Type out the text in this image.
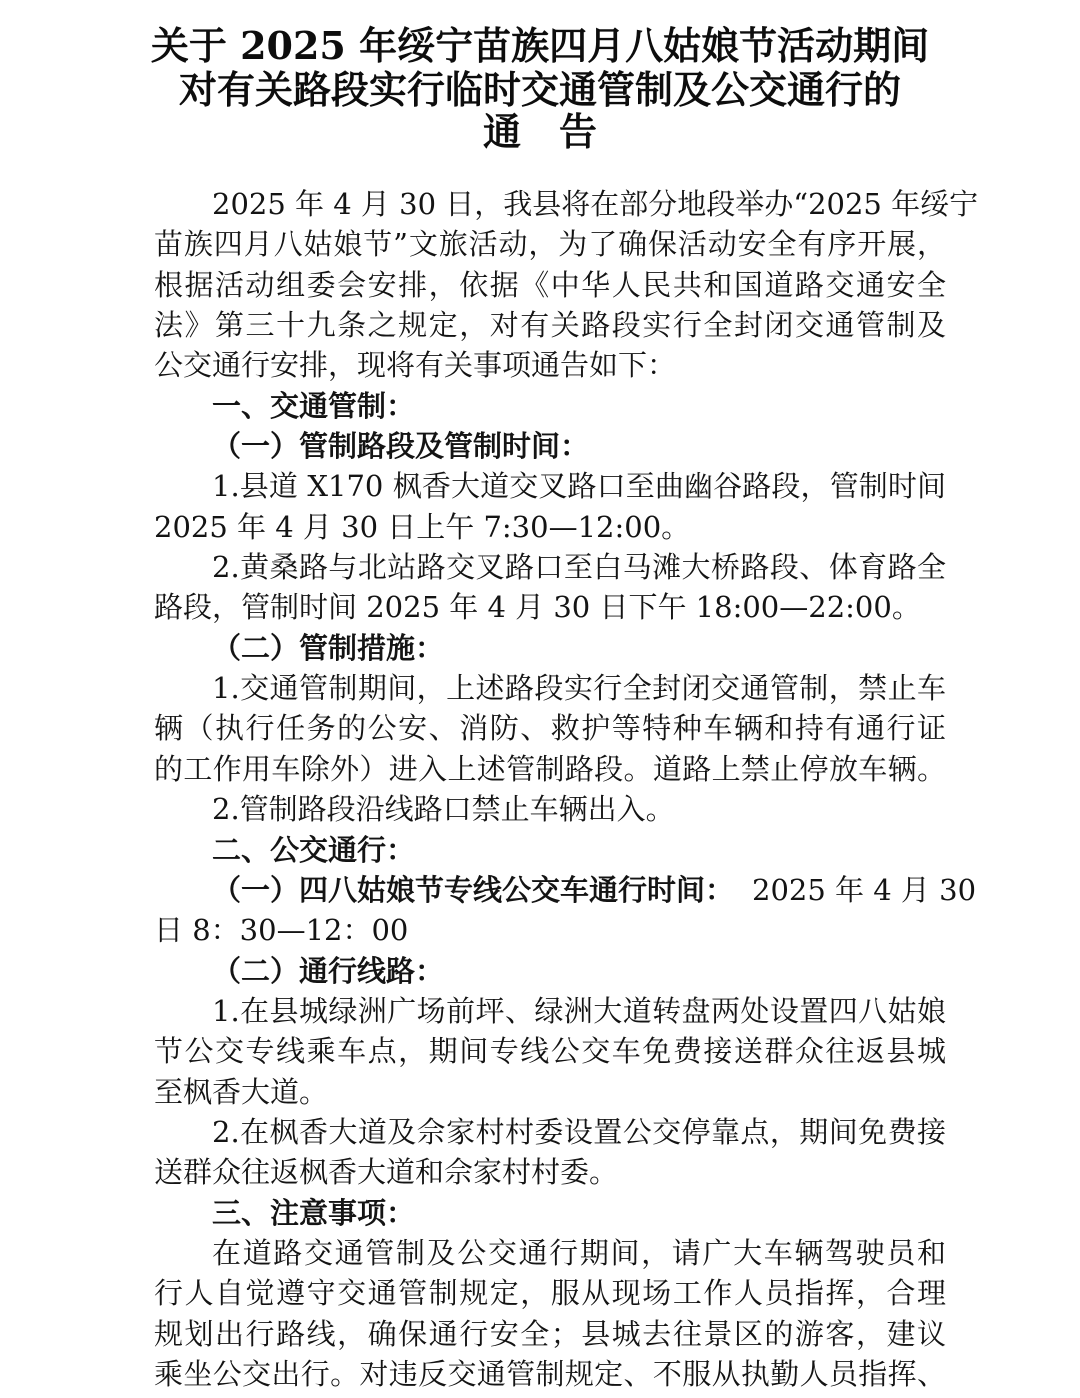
关于 2025 年绥宁苗族四月八姑娘节活动期间
对有关路段实行临时交通管制及公交通行的
通　告
2025 年 4 月 30 日，我县将在部分地段举办“2025 年绥宁
苗族四月八姑娘节”文旅活动，为了确保活动安全有序开展，
根据活动组委会安排，依据《中华人民共和国道路交通安全
法》第三十九条之规定，对有关路段实行全封闭交通管制及
公交通行安排，现将有关事项通告如下：
一、交通管制：
（一）管制路段及管制时间：
1.县道 X170 枫香大道交叉路口至曲幽谷路段，管制时间
2025 年 4 月 30 日上午 7:30—12:00。
2.黄桑路与北站路交叉路口至白马滩大桥路段、体育路全
路段，管制时间 2025 年 4 月 30 日下午 18:00—22:00。
（二）管制措施：
1.交通管制期间，上述路段实行全封闭交通管制，禁止车
辆（执行任务的公安、消防、救护等特种车辆和持有通行证
的工作用车除外）进入上述管制路段。道路上禁止停放车辆。
2.管制路段沿线路口禁止车辆出入。
二、公交通行：
（一）四八姑娘节专线公交车通行时间： 2025 年 4 月 30
日 8：30—12：00
（二）通行线路：
1.在县城绿洲广场前坪、绿洲大道转盘两处设置四八姑娘
节公交专线乘车点，期间专线公交车免费接送群众往返县城
至枫香大道。
2.在枫香大道及佘家村村委设置公交停靠点，期间免费接
送群众往返枫香大道和佘家村村委。
三、注意事项：
在道路交通管制及公交通行期间，请广大车辆驾驶员和
行人自觉遵守交通管制规定，服从现场工作人员指挥，合理
规划出行路线，确保通行安全；县城去往景区的游客，建议
乘坐公交出行。对违反交通管制规定、不服从执勤人员指挥、
